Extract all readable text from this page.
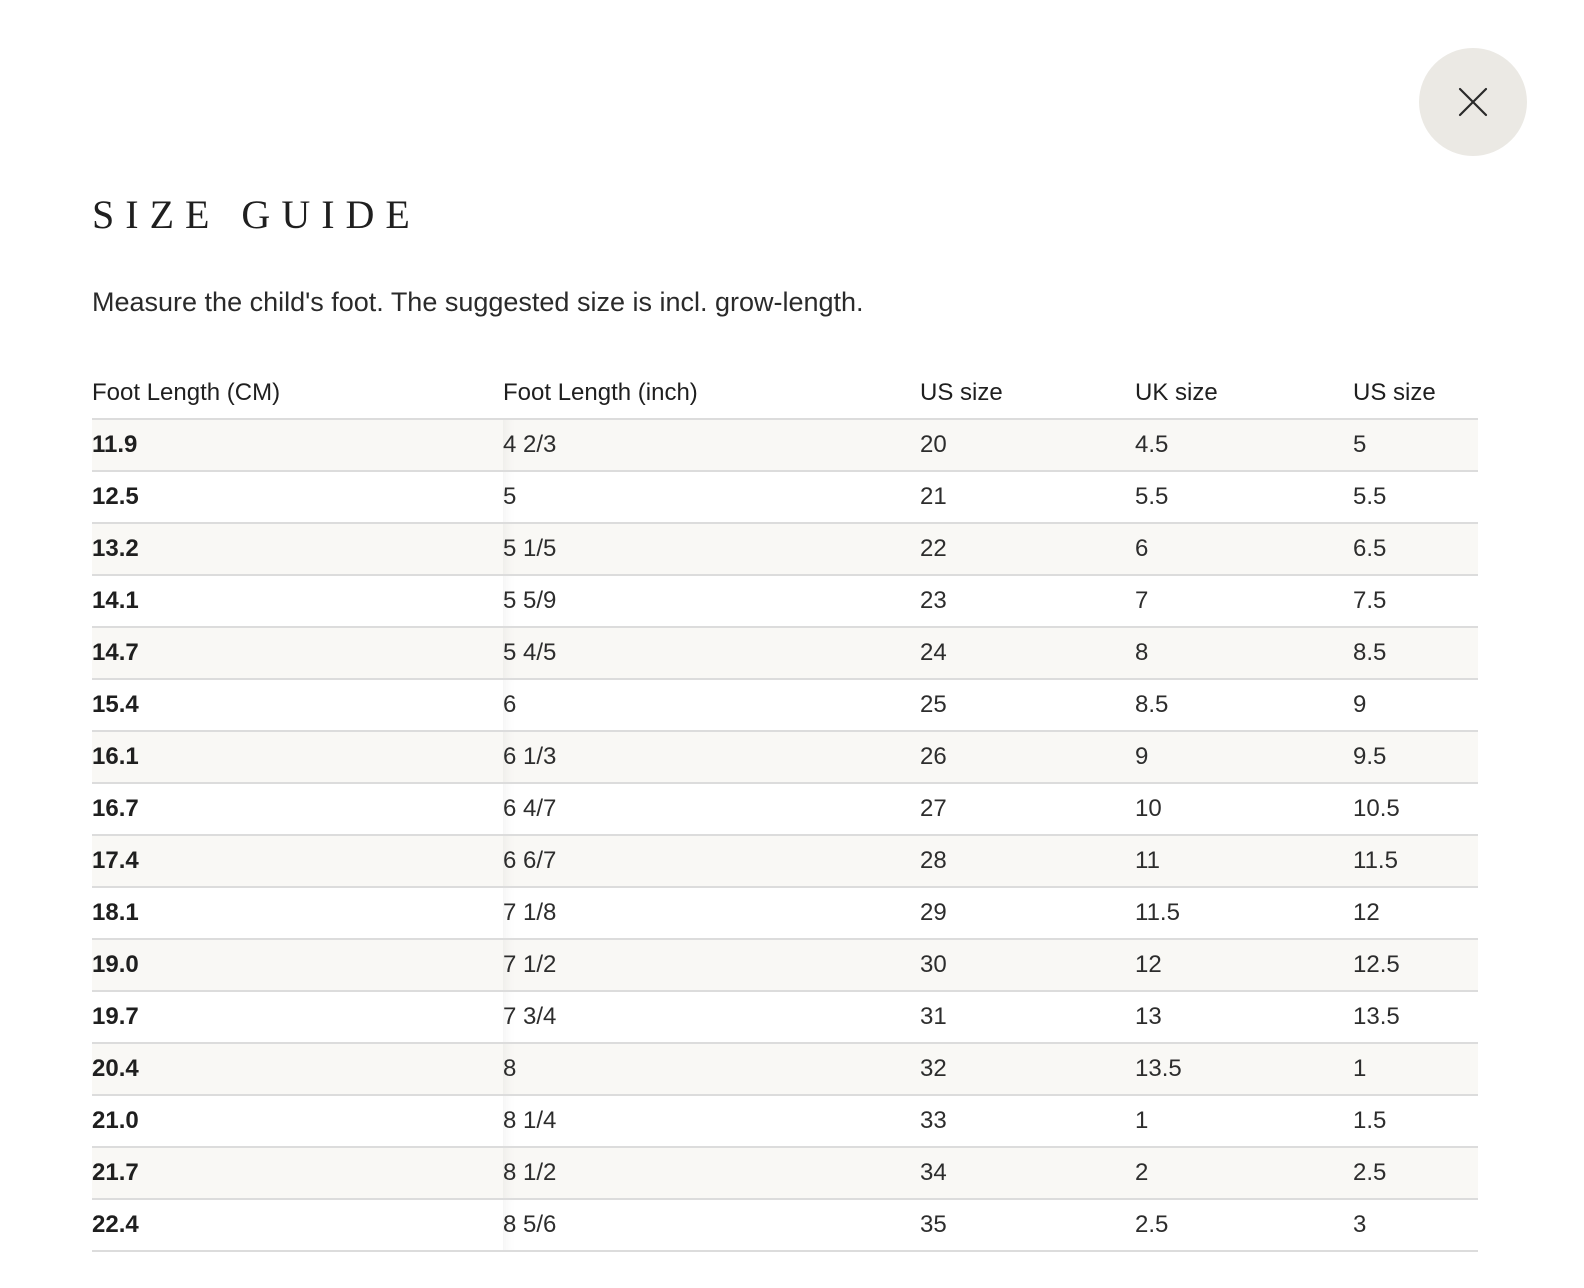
SIZE GUIDE

Measure the child's foot. The suggested size is incl. grow-length.

Foot Length (CM)	Foot Length (inch)	US size	UK size	US size
11.9	4 2/3	20	4.5	5
12.5	5	21	5.5	5.5
13.2	5 1/5	22	6	6.5
14.1	5 5/9	23	7	7.5
14.7	5 4/5	24	8	8.5
15.4	6	25	8.5	9
16.1	6 1/3	26	9	9.5
16.7	6 4/7	27	10	10.5
17.4	6 6/7	28	11	11.5
18.1	7 1/8	29	11.5	12
19.0	7 1/2	30	12	12.5
19.7	7 3/4	31	13	13.5
20.4	8	32	13.5	1
21.0	8 1/4	33	1	1.5
21.7	8 1/2	34	2	2.5
22.4	8 5/6	35	2.5	3
